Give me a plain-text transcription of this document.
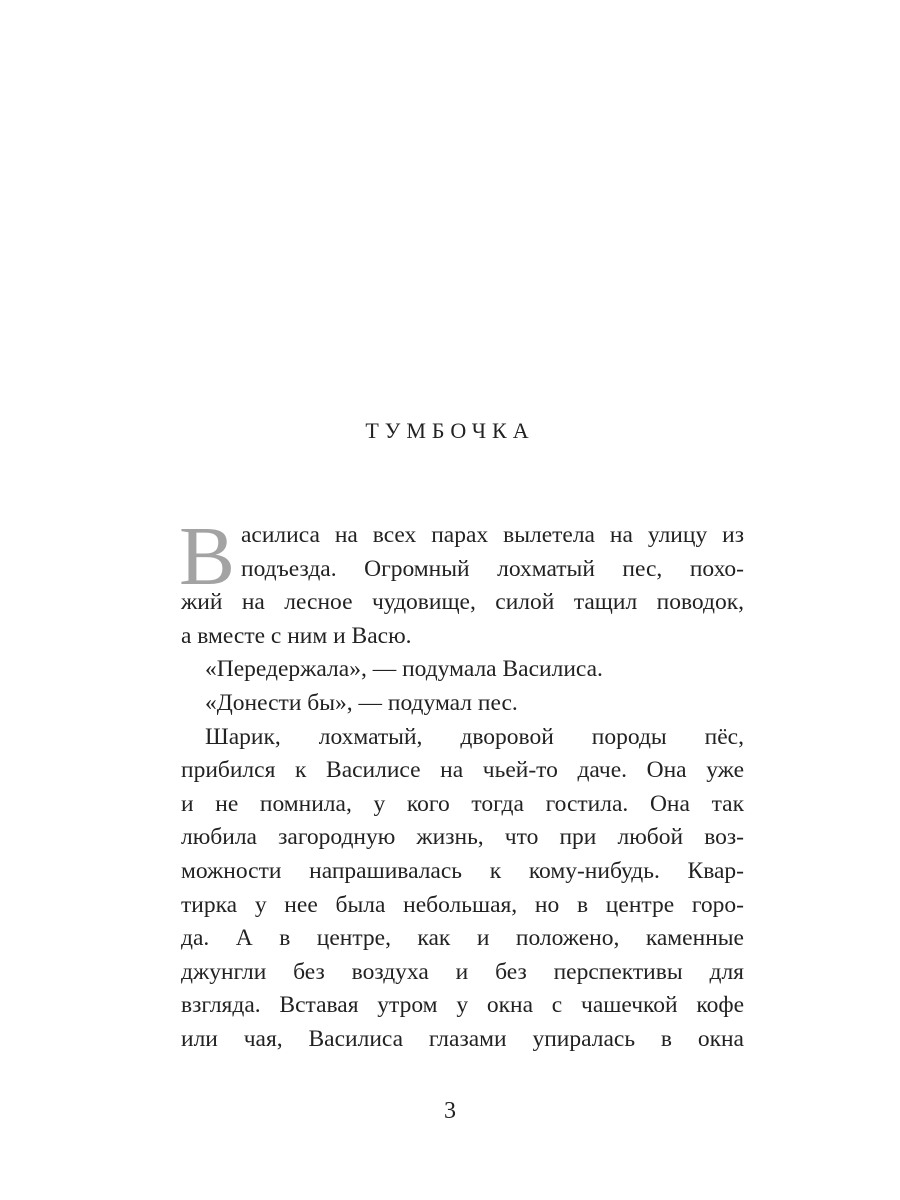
ТУМБОЧКА
В асилиса на всех парах вылетела на улицу из
подъезда. Огромный лохматый пес, похо-
жий на лесное чудовище, силой тащил поводок,
а вместе с ним и Васю.
«Передержала», — подумала Василиса.
«Донести бы», — подумал пес.
Шарик, лохматый, дворовой породы пёс,
прибился к Василисе на чьей-то даче. Она уже
и не помнила, у кого тогда гостила. Она так
любила загородную жизнь, что при любой воз-
можности напрашивалась к кому-нибудь. Квар-
тирка у нее была небольшая, но в центре горо-
да. А в центре, как и положено, каменные
джунгли без воздуха и без перспективы для
взгляда. Вставая утром у окна с чашечкой кофе
или чая, Василиса глазами упиралась в окна
3
